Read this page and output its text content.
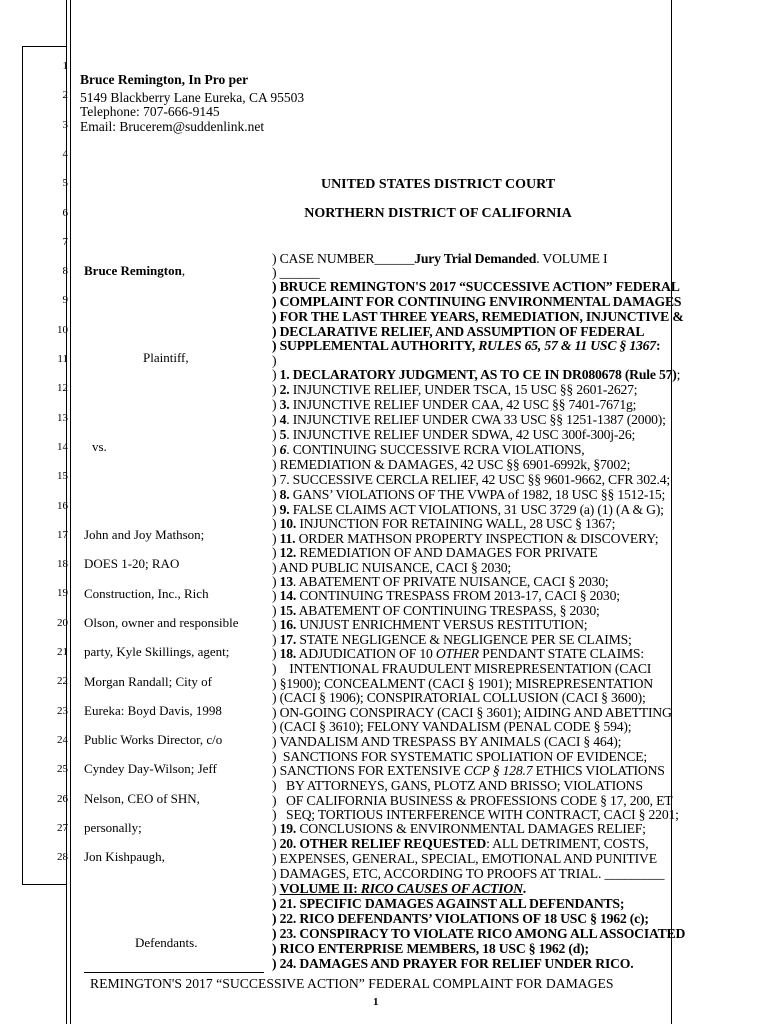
1
2
3
4
5
6
7
8
9
10
11
12
13
14
15
16
17
18
19
20
21
22
23
24
25
26
27
28
Bruce Remington, In Pro per
5149 Blackberry Lane Eureka, CA 95503
Telephone: 707-666-9145
Email: Brucerem@suddenlink.net
UNITED STATES DISTRICT COURT
NORTHERN DISTRICT OF CALIFORNIA
Bruce Remington,
Plaintiff,
vs.
John and Joy Mathson;
DOES 1-20; RAO
Construction, Inc., Rich
Olson, owner and responsible
party, Kyle Skillings, agent;
Morgan Randall; City of
Eureka: Boyd Davis, 1998
Public Works Director, c/o
Cyndey Day-Wilson; Jeff
Nelson, CEO of SHN,
personally;
Jon Kishpaugh,
Defendants.
) CASE NUMBER______Jury Trial Demanded. VOLUME I
) ______
) BRUCE REMINGTON'S 2017 “SUCCESSIVE ACTION” FEDERAL
) COMPLAINT FOR CONTINUING ENVIRONMENTAL DAMAGES
) FOR THE LAST THREE YEARS, REMEDIATION, INJUNCTIVE &
) DECLARATIVE RELIEF, AND ASSUMPTION OF FEDERAL
) SUPPLEMENTAL AUTHORITY, RULES 65, 57 & 11 USC § 1367:
)
) 1. DECLARATORY JUDGMENT, AS TO CE IN DR080678 (Rule 57);
) 2. INJUNCTIVE RELIEF, UNDER TSCA, 15 USC §§ 2601-2627;
) 3. INJUNCTIVE RELIEF UNDER CAA, 42 USC §§ 7401-7671g;
) 4. INJUNCTIVE RELIEF UNDER CWA 33 USC §§ 1251-1387 (2000);
) 5. INJUNCTIVE RELIEF UNDER SDWA, 42 USC 300f-300j-26;
) 6. CONTINUING SUCCESSIVE RCRA VIOLATIONS,
) REMEDIATION & DAMAGES, 42 USC §§ 6901-6992k, §7002;
) 7. SUCCESSIVE CERCLA RELIEF, 42 USC §§ 9601-9662, CFR 302.4;
) 8. GANS’ VIOLATIONS OF THE VWPA of 1982, 18 USC §§ 1512-15;
) 9. FALSE CLAIMS ACT VIOLATIONS, 31 USC 3729 (a) (1) (A & G);
) 10. INJUNCTION FOR RETAINING WALL, 28 USC § 1367;
) 11. ORDER MATHSON PROPERTY INSPECTION & DISCOVERY;
) 12. REMEDIATION OF AND DAMAGES FOR PRIVATE
) AND PUBLIC NUISANCE, CACI § 2030;
) 13. ABATEMENT OF PRIVATE NUISANCE, CACI § 2030;
) 14. CONTINUING TRESPASS FROM 2013-17, CACI § 2030;
) 15. ABATEMENT OF CONTINUING TRESPASS, § 2030;
) 16. UNJUST ENRICHMENT VERSUS RESTITUTION;
) 17. STATE NEGLIGENCE & NEGLIGENCE PER SE CLAIMS;
) 18. ADJUDICATION OF 10 OTHER PENDANT STATE CLAIMS:
)    INTENTIONAL FRAUDULENT MISREPRESENTATION (CACI
) §1900); CONCEALMENT (CACI § 1901); MISREPRESENTATION
) (CACI § 1906); CONSPIRATORIAL COLLUSION (CACI § 3600);
) ON-GOING CONSPIRACY (CACI § 3601); AIDING AND ABETTING
) (CACI § 3610); FELONY VANDALISM (PENAL CODE § 594);
) VANDALISM AND TRESPASS BY ANIMALS (CACI § 464);
)  SANCTIONS FOR SYSTEMATIC SPOLIATION OF EVIDENCE;
) SANCTIONS FOR EXTENSIVE CCP § 128.7 ETHICS VIOLATIONS
)   BY ATTORNEYS, GANS, PLOTZ AND BRISSO; VIOLATIONS
)   OF CALIFORNIA BUSINESS & PROFESSIONS CODE § 17, 200, ET
)   SEQ; TORTIOUS INTERFERENCE WITH CONTRACT, CACI § 2201;
) 19. CONCLUSIONS & ENVIRONMENTAL DAMAGES RELIEF;
) 20. OTHER RELIEF REQUESTED: ALL DETRIMENT, COSTS,
) EXPENSES, GENERAL, SPECIAL, EMOTIONAL AND PUNITIVE
) DAMAGES, ETC, ACCORDING TO PROOFS AT TRIAL. _________
) VOLUME II: RICO CAUSES OF ACTION.
) 21. SPECIFIC DAMAGES AGAINST ALL DEFENDANTS;
) 22. RICO DEFENDANTS’ VIOLATIONS OF 18 USC § 1962 (c);
) 23. CONSPIRACY TO VIOLATE RICO AMONG ALL ASSOCIATED
) RICO ENTERPRISE MEMBERS, 18 USC § 1962 (d);
) 24. DAMAGES AND PRAYER FOR RELIEF UNDER RICO.
REMINGTON'S 2017 “SUCCESSIVE ACTION” FEDERAL COMPLAINT FOR DAMAGES
1
